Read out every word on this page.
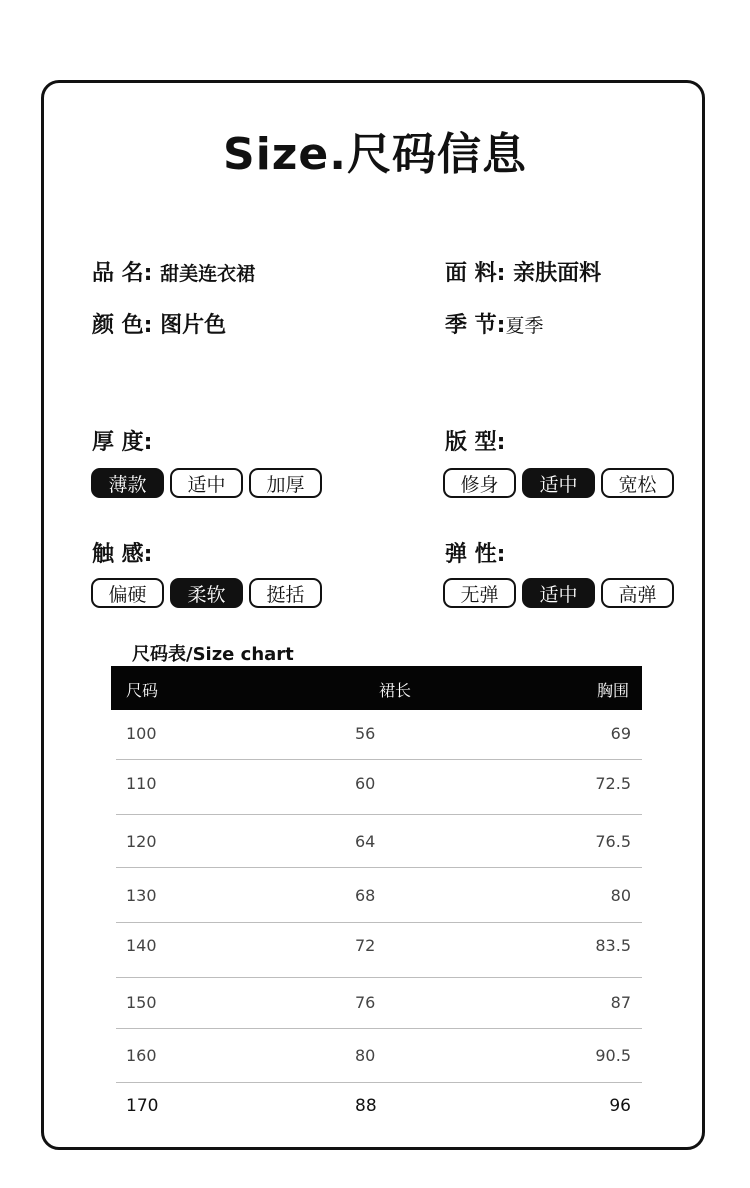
Size.尺码信息
品 名: 甜美连衣裙	面 料: 亲肤面料
颜 色: 图片色	季 节:夏季
厚 度:
薄款	适中	加厚
版 型:
修身	适中	宽松
触 感:
偏硬	柔软	挺括
弹 性:
无弹	适中	高弹
尺码表/Size chart
尺码	裙长	胸围
100	56	69
110	60	72.5
120	64	76.5
130	68	80
140	72	83.5
150	76	87
160	80	90.5
170	88	96
